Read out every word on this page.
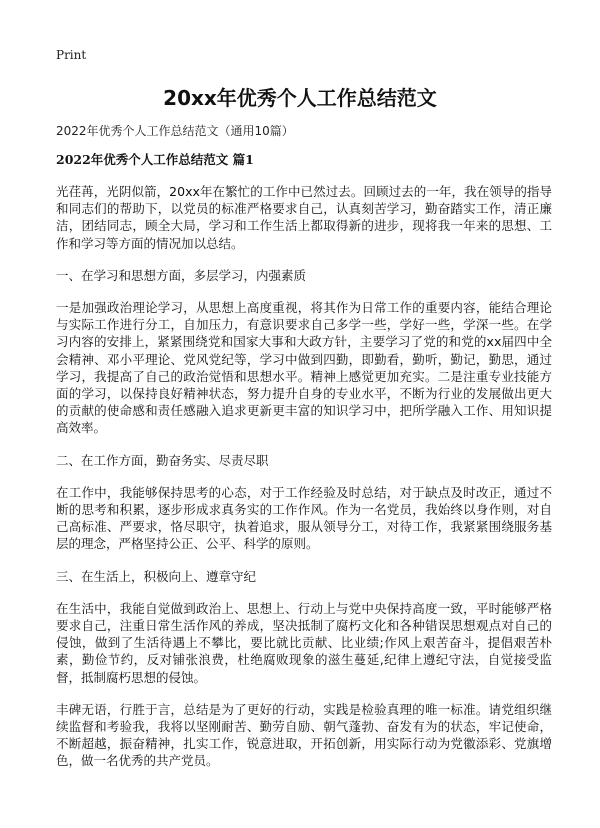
Print
20xx年优秀个人工作总结范文

2022年优秀个人工作总结范文（通用10篇）

2022年优秀个人工作总结范文 篇1

光荏苒，光阴似箭，20xx年在繁忙的工作中已然过去。回顾过去的一年，我在领导的指导和同志们的帮助下，以党员的标准严格要求自己，认真刻苦学习，勤奋踏实工作，清正廉洁，团结同志，顾全大局，学习和工作生活上都取得新的进步，现将我一年来的思想、工作和学习等方面的情况加以总结。

一、在学习和思想方面，多层学习，内强素质

一是加强政治理论学习，从思想上高度重视，将其作为日常工作的重要内容，能结合理论与实际工作进行分工，自加压力，有意识要求自己多学一些，学好一些，学深一些。在学习内容的安排上，紧紧围绕党和国家大事和大政方针，主要学习了党的和党的xx届四中全会精神、邓小平理论、党风党纪等，学习中做到四勤，即勤看，勤听，勤记，勤思，通过学习，我提高了自己的政治觉悟和思想水平。精神上感觉更加充实。二是注重专业技能方面的学习，以保持良好精神状态，努力提升自身的专业水平，不断为行业的发展做出更大的贡献的使命感和责任感融入追求更新更丰富的知识学习中，把所学融入工作、用知识提高效率。

二、在工作方面，勤奋务实、尽责尽职

在工作中，我能够保持思考的心态，对于工作经验及时总结，对于缺点及时改正，通过不断的思考和积累，逐步形成求真务实的工作作风。作为一名党员，我始终以身作则，对自己高标准、严要求，恪尽职守，执着追求，服从领导分工，对待工作，我紧紧围绕服务基层的理念，严格坚持公正、公平、科学的原则。

三、在生活上，积极向上、遵章守纪

在生活中，我能自觉做到政治上、思想上、行动上与党中央保持高度一致，平时能够严格要求自己，注重日常生活作风的养成，坚决抵制了腐朽文化和各种错误思想观点对自己的侵蚀，做到了生活待遇上不攀比，要比就比贡献、比业绩;作风上艰苦奋斗，提倡艰苦朴素，勤俭节约，反对铺张浪费，杜绝腐败现象的滋生蔓延,纪律上遵纪守法，自觉接受监督，抵制腐朽思想的侵蚀。

丰碑无语，行胜于言，总结是为了更好的行动，实践是检验真理的唯一标准。请党组织继续监督和考验我，我将以坚刚耐苦、勤劳自励、朝气蓬勃、奋发有为的状态，牢记使命，不断超越，振奋精神，扎实工作，锐意进取，开拓创新，用实际行动为党徽添彩、党旗增色，做一名优秀的共产党员。
